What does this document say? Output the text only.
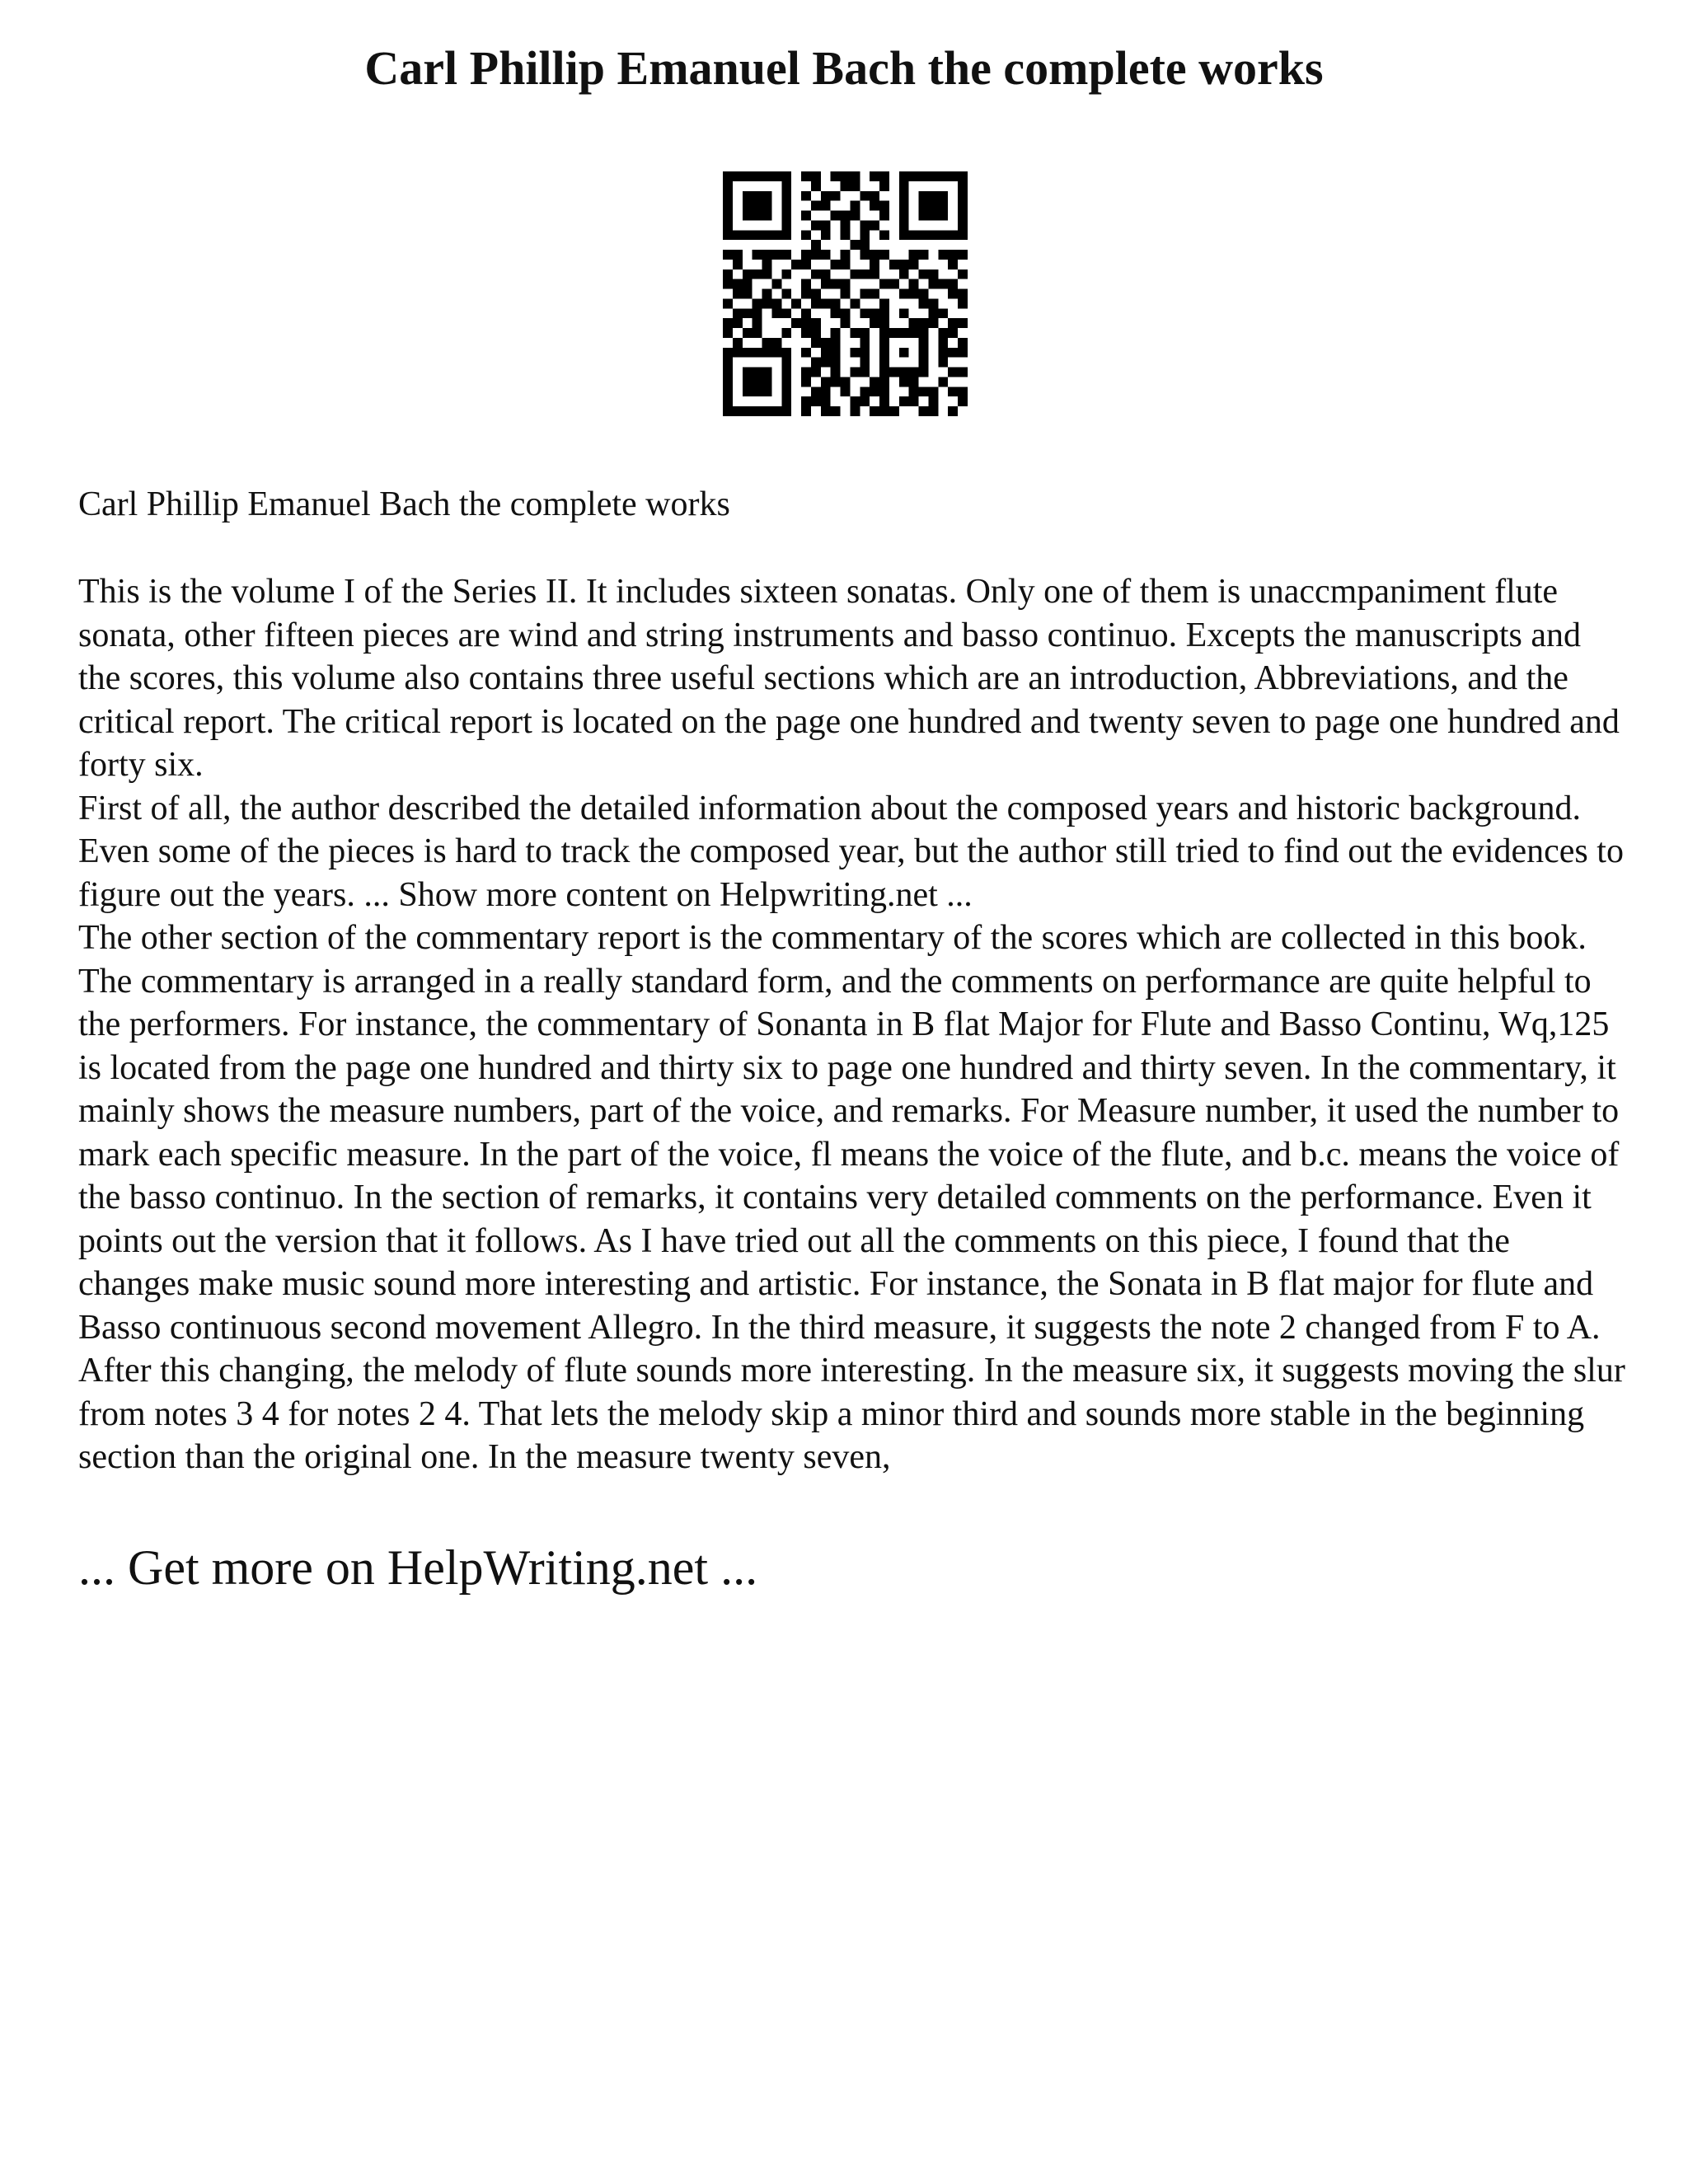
Carl Phillip Emanuel Bach the complete works

Carl Phillip Emanuel Bach the complete works

This is the volume I of the Series II. It includes sixteen sonatas. Only one of them is unaccmpaniment flute sonata, other fifteen pieces are wind and string instruments and basso continuo. Excepts the manuscripts and the scores, this volume also contains three useful sections which are an introduction, Abbreviations, and the critical report. The critical report is located on the page one hundred and twenty seven to page one hundred and forty six.

First of all, the author described the detailed information about the composed years and historic background. Even some of the pieces is hard to track the composed year, but the author still tried to find out the evidences to figure out the years. ... Show more content on Helpwriting.net ...

The other section of the commentary report is the commentary of the scores which are collected in this book. The commentary is arranged in a really standard form, and the comments on performance are quite helpful to the performers. For instance, the commentary of Sonanta in B flat Major for Flute and Basso Continu, Wq,125 is located from the page one hundred and thirty six to page one hundred and thirty seven. In the commentary, it mainly shows the measure numbers, part of the voice, and remarks. For Measure number, it used the number to mark each specific measure. In the part of the voice, fl means the voice of the flute, and b.c. means the voice of the basso continuo. In the section of remarks, it contains very detailed comments on the performance. Even it points out the version that it follows. As I have tried out all the comments on this piece, I found that the changes make music sound more interesting and artistic. For instance, the Sonata in B flat major for flute and Basso continuous second movement Allegro. In the third measure, it suggests the note 2 changed from F to A. After this changing, the melody of flute sounds more interesting. In the measure six, it suggests moving the slur from notes 3 4 for notes 2 4. That lets the melody skip a minor third and sounds more stable in the beginning section than the original one. In the measure twenty seven,

... Get more on HelpWriting.net ...
